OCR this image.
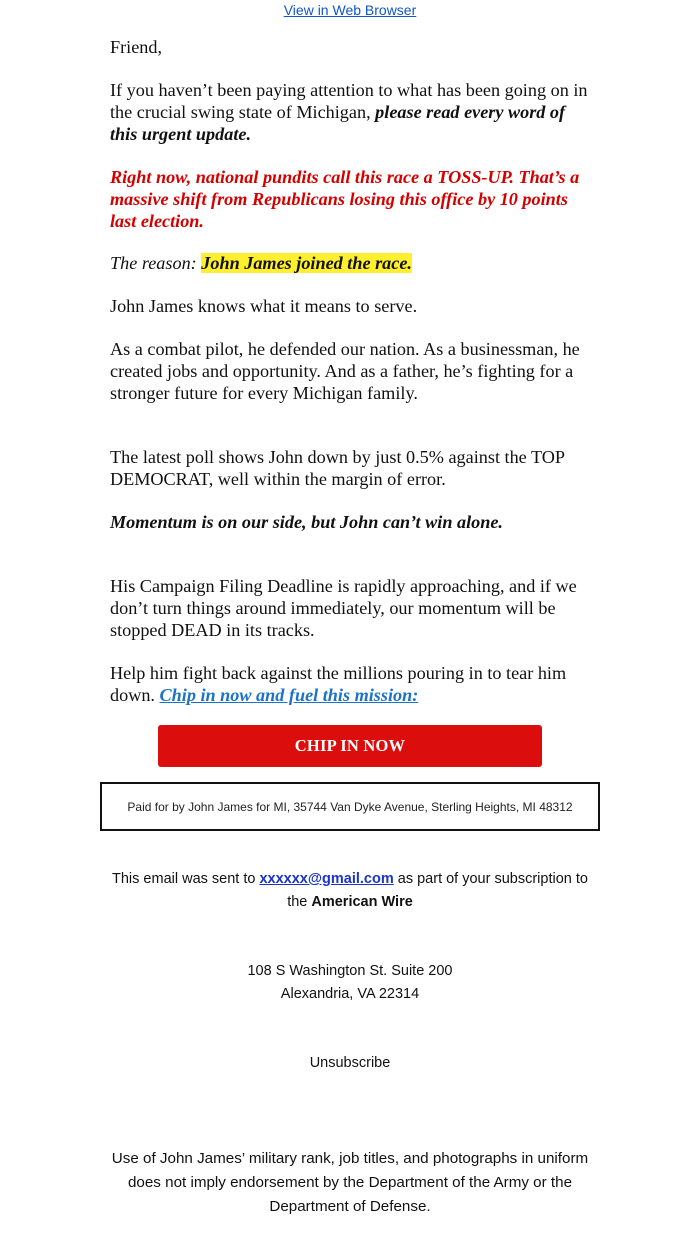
View in Web Browser

Friend,

If you haven’t been paying attention to what has been going on in the crucial swing state of Michigan, please read every word of this urgent update.

Right now, national pundits call this race a TOSS-UP. That’s a massive shift from Republicans losing this office by 10 points last election.

The reason: John James joined the race.

John James knows what it means to serve.

As a combat pilot, he defended our nation. As a businessman, he created jobs and opportunity. And as a father, he’s fighting for a stronger future for every Michigan family.

The latest poll shows John down by just 0.5% against the TOP DEMOCRAT, well within the margin of error.

Momentum is on our side, but John can’t win alone.

His Campaign Filing Deadline is rapidly approaching, and if we don’t turn things around immediately, our momentum will be stopped DEAD in its tracks.

Help him fight back against the millions pouring in to tear him down. Chip in now and fuel this mission:

CHIP IN NOW
Paid for by John James for MI, 35744 Van Dyke Avenue, Sterling Heights, MI 48312
This email was sent to xxxxxx@gmail.com as part of your subscription to the American Wire
108 S Washington St. Suite 200
Alexandria, VA 22314
Unsubscribe
Use of John James’ military rank, job titles, and photographs in uniform does not imply endorsement by the Department of the Army or the Department of Defense.
